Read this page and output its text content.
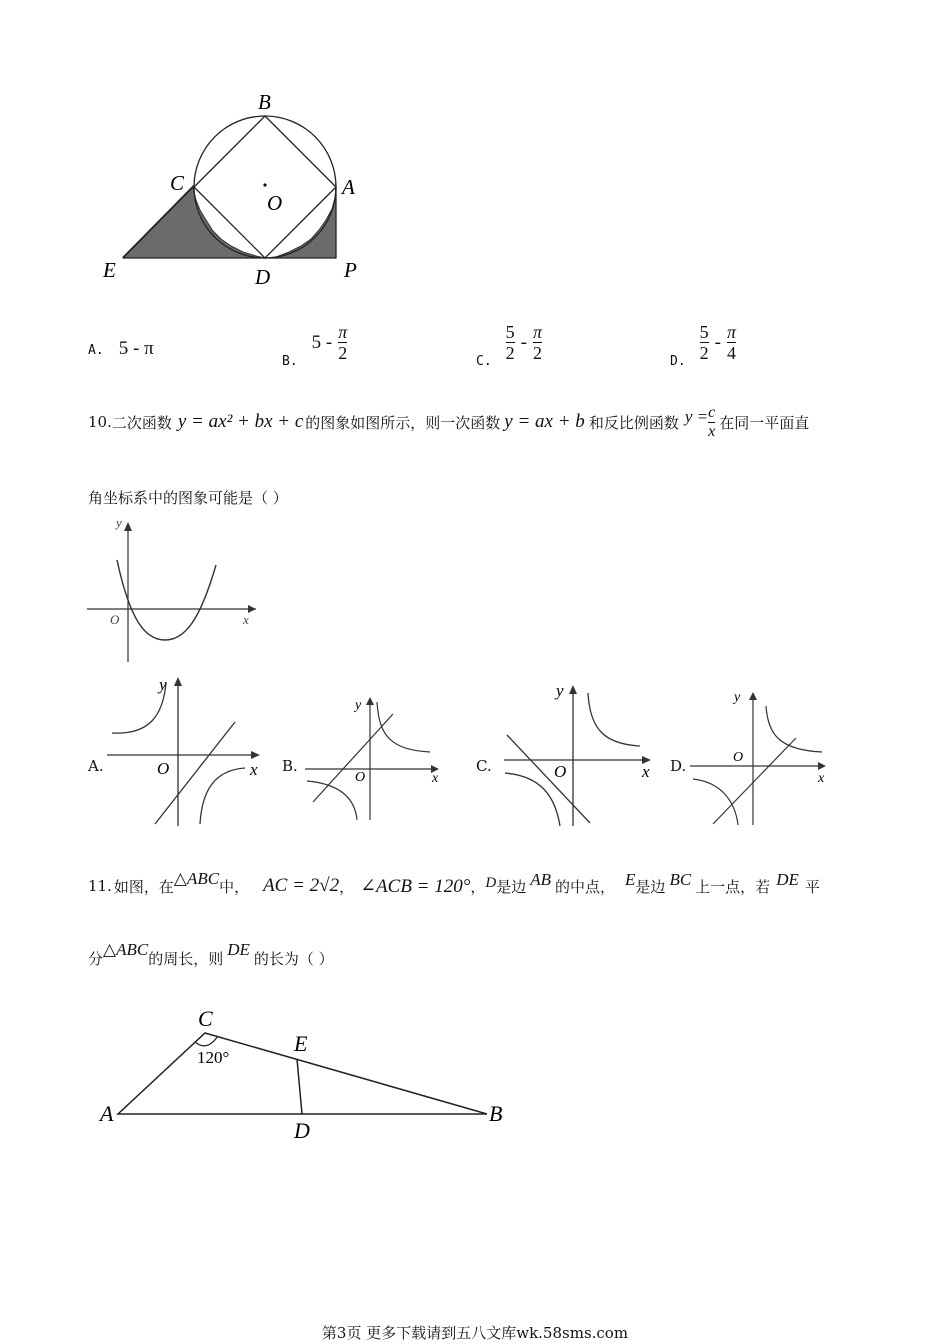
B
C	A
O
E	D	P
A. 5 - π
B.
$5 - \frac{\pi}{2}$	C. $\frac{5}{2} - \frac{\pi}{2}$	D. $\frac{5}{2} - \frac{\pi}{4}$
10. 二次函数 y = ax² + bx + c 的图象如图所示，则一次函数 y = ax + b 和反比例函数 $y = \frac{c}{x}$ 在同一平面直
角坐标系中的图象可能是（ ）
y
O	x
A.
y
O	x B.
y
O	x
C.
y
O	x D.
y
O
x
11. 如图，在 △ABC 中， AC = 2√2 ， ∠ACB = 120° ， D 是边 AB 的中点， E 是边 BC 上一点，若 DE 平
分 △ABC 的周长，则 DE 的长为（ ）
C
E
A
D
B
120°
第3页 更多下载请到五八文库wk.58sms.com
